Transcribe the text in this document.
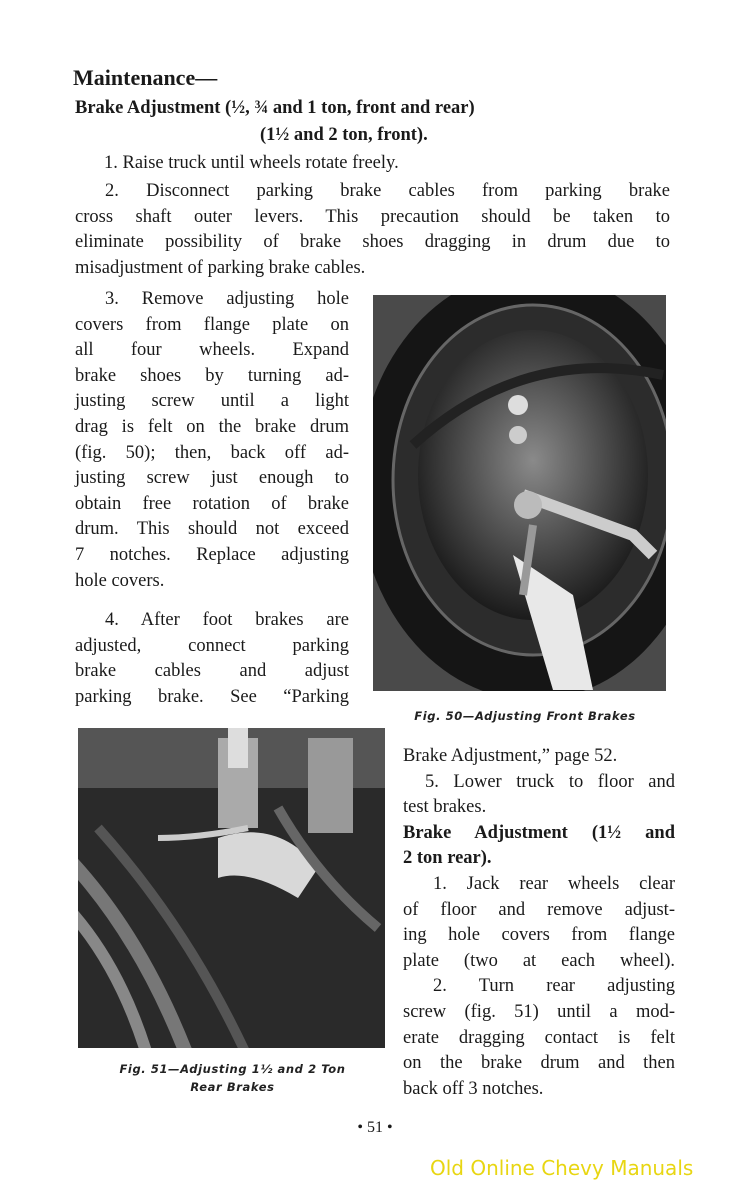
Maintenance—
Brake Adjustment (½, ¾ and 1 ton, front and rear)
(1½ and 2 ton, front).
1. Raise truck until wheels rotate freely.
2. Disconnect parking brake cables from parking brake
cross shaft outer levers. This precaution should be taken to
eliminate possibility of brake shoes dragging in drum due to
misadjustment of parking brake cables.
3. Remove adjusting hole
covers from flange plate on
all four wheels. Expand
brake shoes by turning ad-
justing screw until a light
drag is felt on the brake drum
(fig. 50); then, back off ad-
justing screw just enough to
obtain free rotation of brake
drum. This should not exceed
7 notches. Replace adjusting
hole covers.
4. After foot brakes are
adjusted, connect parking
brake cables and adjust
parking brake. See “Parking
Fig. 50—Adjusting Front Brakes
Fig. 51—Adjusting 1½ and 2 Ton
Rear Brakes
Brake Adjustment,” page 52.
5. Lower truck to floor and
test brakes.
Brake Adjustment (1½ and
2 ton rear).
1. Jack rear wheels clear
of floor and remove adjust-
ing hole covers from flange
plate (two at each wheel).
2. Turn rear adjusting
screw (fig. 51) until a mod-
erate dragging contact is felt
on the brake drum and then
back off 3 notches.
• 51 •
Old Online Chevy Manuals
